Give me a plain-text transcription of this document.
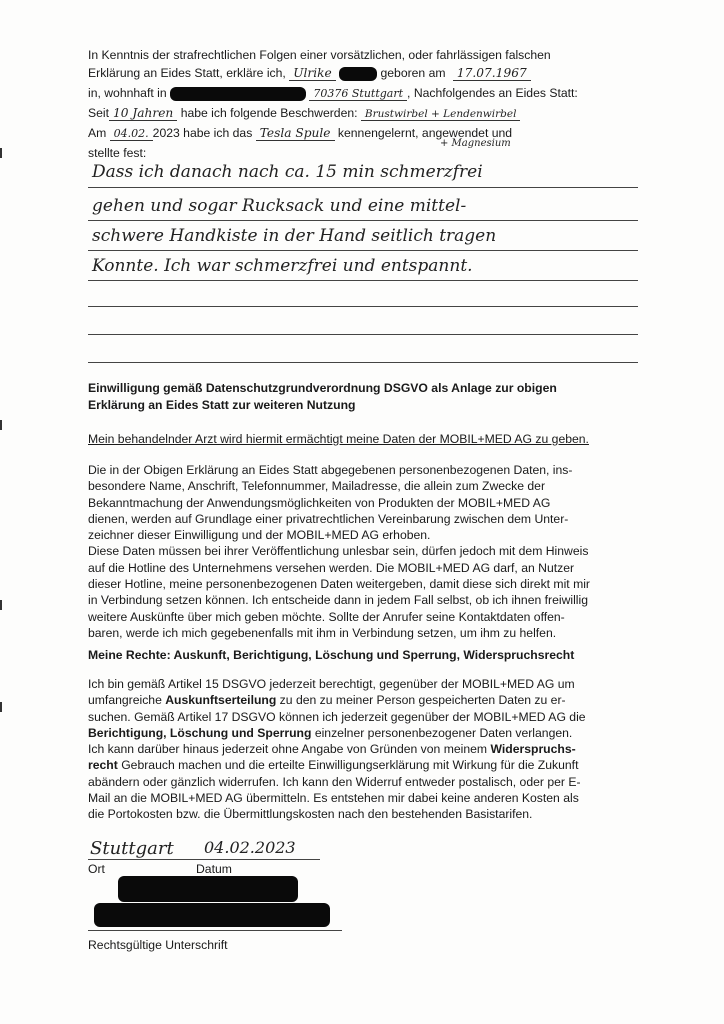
In Kenntnis der strafrechtlichen Folgen einer vorsätzlichen, oder fahrlässigen falschen
Erklärung an Eides Statt, erkläre ich, Ulrike	geboren am 17.07.1967
in, wohnhaft in	70376 Stuttgart , Nachfolgendes an Eides Statt:
Seit 10 Jahren habe ich folgende Beschwerden: Brustwirbel + Lendenwirbel
Am 04.02. 2023 habe ich das Tesla Spule kennengelernt, angewendet und
+ Magnesium
stellte fest:
Dass ich danach nach ca. 15 min schmerzfrei
gehen und sogar Rucksack und eine mittel-
schwere Handkiste in der Hand seitlich tragen
Konnte. Ich war schmerzfrei und entspannt.
Einwilligung gemäß Datenschutzgrundverordnung DSGVO als Anlage zur obigen
Erklärung an Eides Statt zur weiteren Nutzung
Mein behandelnder Arzt wird hiermit ermächtigt meine Daten der MOBIL+MED AG zu geben.
Die in der Obigen Erklärung an Eides Statt abgegebenen personenbezogenen Daten, ins-
besondere Name, Anschrift, Telefonnummer, Mailadresse, die allein zum Zwecke der
Bekanntmachung der Anwendungsmöglichkeiten von Produkten der MOBIL+MED AG
dienen, werden auf Grundlage einer privatrechtlichen Vereinbarung zwischen dem Unter-
zeichner dieser Einwilligung und der MOBIL+MED AG erhoben.
Diese Daten müssen bei ihrer Veröffentlichung unlesbar sein, dürfen jedoch mit dem Hinweis
auf die Hotline des Unternehmens versehen werden. Die MOBIL+MED AG darf, an Nutzer
dieser Hotline, meine personenbezogenen Daten weitergeben, damit diese sich direkt mit mir
in Verbindung setzen können. Ich entscheide dann in jedem Fall selbst, ob ich ihnen freiwillig
weitere Auskünfte über mich geben möchte. Sollte der Anrufer seine Kontaktdaten offen-
baren, werde ich mich gegebenenfalls mit ihm in Verbindung setzen, um ihm zu helfen.
Meine Rechte: Auskunft, Berichtigung, Löschung und Sperrung, Widerspruchsrecht
Ich bin gemäß Artikel 15 DSGVO jederzeit berechtigt, gegenüber der MOBIL+MED AG um
umfangreiche Auskunftserteilung zu den zu meiner Person gespeicherten Daten zu er-
suchen. Gemäß Artikel 17 DSGVO können ich jederzeit gegenüber der MOBIL+MED AG die
Berichtigung, Löschung und Sperrung einzelner personenbezogener Daten verlangen.
Ich kann darüber hinaus jederzeit ohne Angabe von Gründen von meinem Widerspruchs-
recht Gebrauch machen und die erteilte Einwilligungserklärung mit Wirkung für die Zukunft
abändern oder gänzlich widerrufen. Ich kann den Widerruf entweder postalisch, oder per E-
Mail an die MOBIL+MED AG übermitteln. Es entstehen mir dabei keine anderen Kosten als
die Portokosten bzw. die Übermittlungskosten nach den bestehenden Basistarifen.
Stuttgart 04.02.2023
Ort	Datum
Rechtsgültige Unterschrift
